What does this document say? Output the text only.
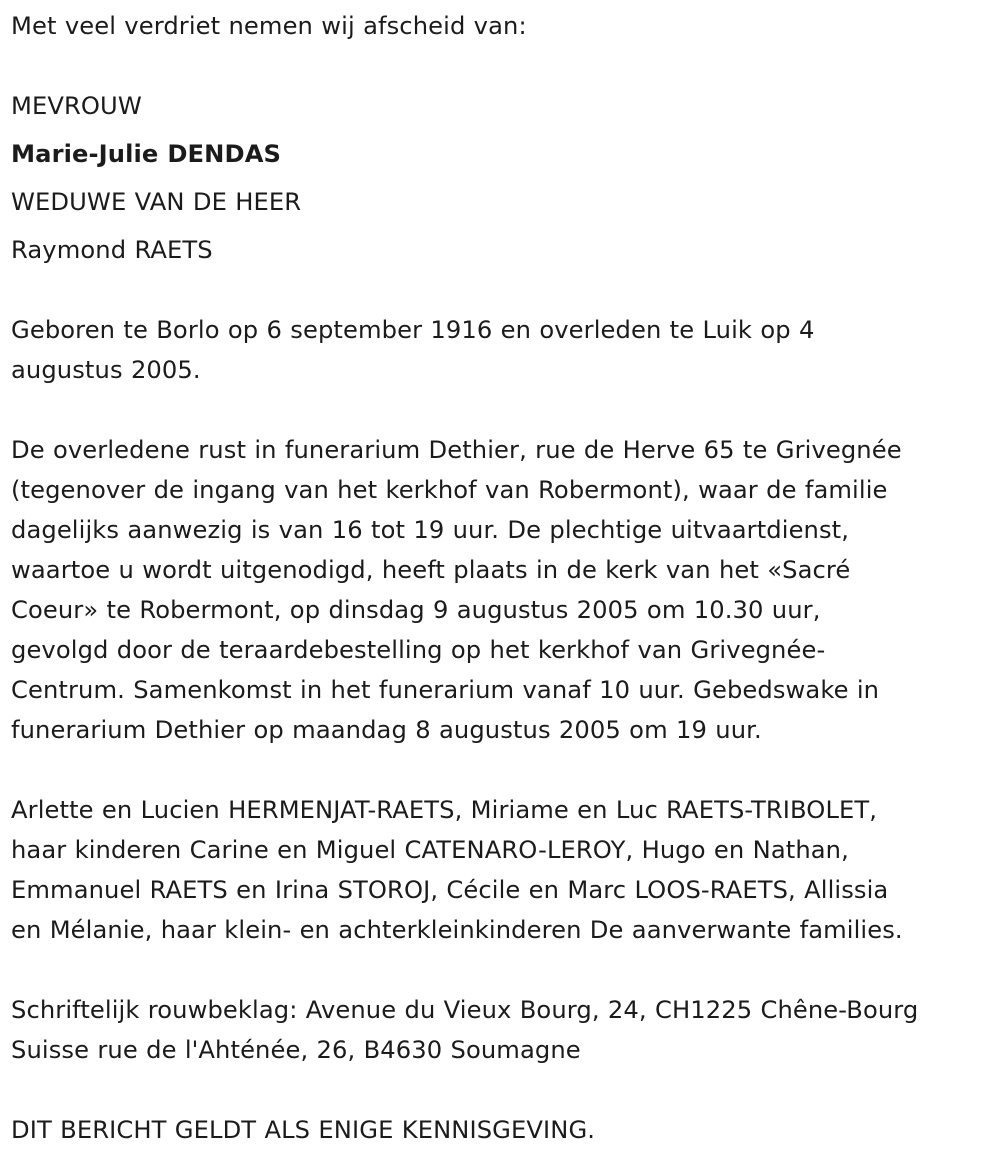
Met veel verdriet nemen wij afscheid van:
MEVROUW
Marie-Julie DENDAS
WEDUWE VAN DE HEER
Raymond RAETS
Geboren te Borlo op 6 september 1916 en overleden te Luik op 4
augustus 2005.
De overledene rust in funerarium Dethier, rue de Herve 65 te Grivegnée
(tegenover de ingang van het kerkhof van Robermont), waar de familie
dagelijks aanwezig is van 16 tot 19 uur. De plechtige uitvaartdienst,
waartoe u wordt uitgenodigd, heeft plaats in de kerk van het «Sacré
Coeur» te Robermont, op dinsdag 9 augustus 2005 om 10.30 uur,
gevolgd door de teraardebestelling op het kerkhof van Grivegnée-
Centrum. Samenkomst in het funerarium vanaf 10 uur. Gebedswake in
funerarium Dethier op maandag 8 augustus 2005 om 19 uur.
Arlette en Lucien HERMENJAT-RAETS, Miriame en Luc RAETS-TRIBOLET,
haar kinderen Carine en Miguel CATENARO-LEROY, Hugo en Nathan,
Emmanuel RAETS en Irina STOROJ, Cécile en Marc LOOS-RAETS, Allissia
en Mélanie, haar klein- en achterkleinkinderen De aanverwante families.
Schriftelijk rouwbeklag: Avenue du Vieux Bourg, 24, CH1225 Chêne-Bourg
Suisse rue de l'Ahténée, 26, B4630 Soumagne
DIT BERICHT GELDT ALS ENIGE KENNISGEVING.
